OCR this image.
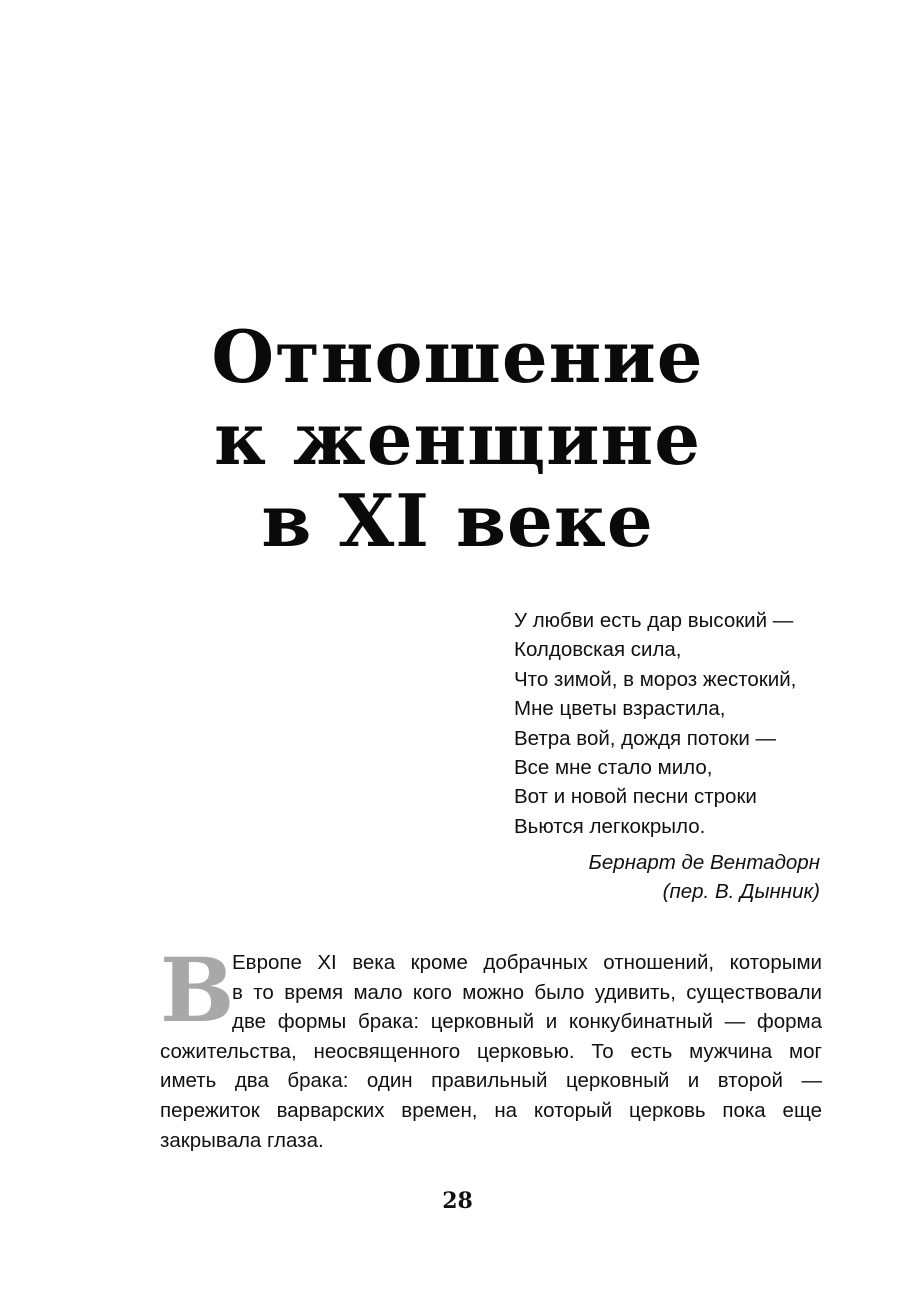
Отношение
к женщине
в XI веке
У любви есть дар высокий —
Колдовская сила,
Что зимой, в мороз жестокий,
Мне цветы взрастила,
Ветра вой, дождя потоки —
Все мне стало мило,
Вот и новой песни строки
Вьются легкокрыло.
Бернарт де Вентадорн
(пер. В. Дынник)
В
Европе XI века кроме добрачных отношений, которыми
в то время мало кого можно было удивить, существовали
две формы брака: церковный и конкубинатный — форма
сожительства, неосвященного церковью. То есть мужчина мог
иметь два брака: один правильный церковный и второй —
пережиток варварских времен, на который церковь пока еще
закрывала глаза.
28
